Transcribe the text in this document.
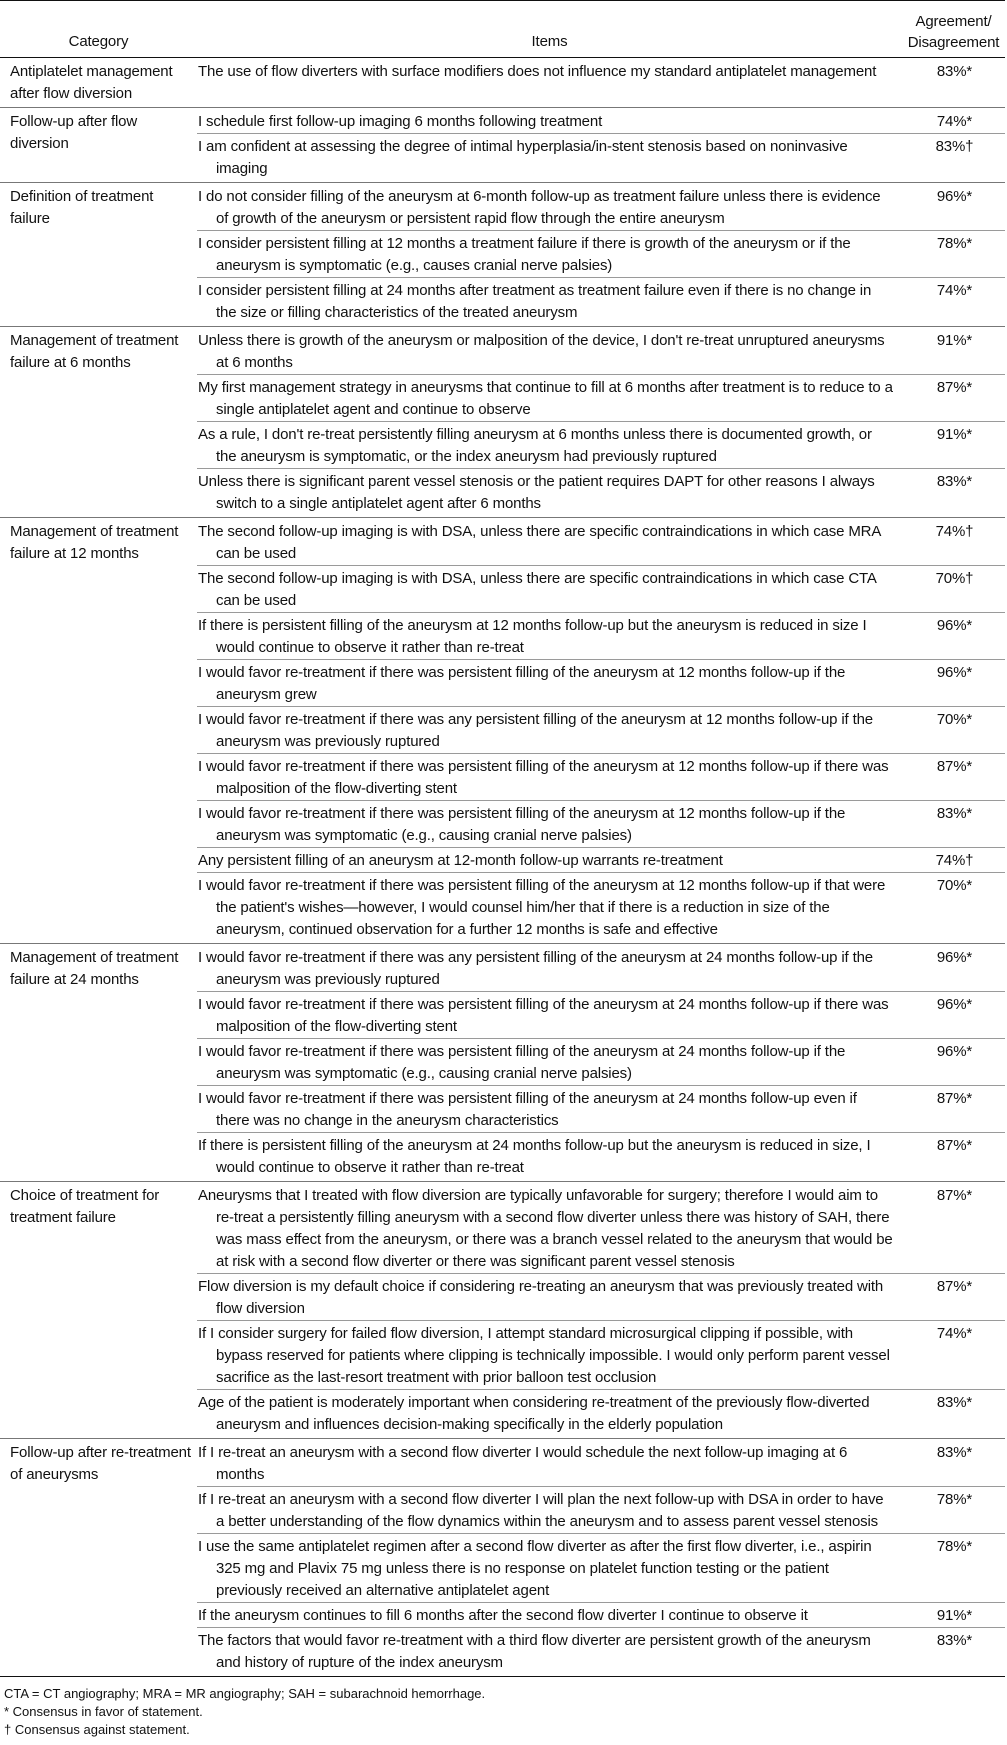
Category	Items	Agreement/
Disagreement
Antiplatelet management after flow diversion	The use of flow diverters with surface modifiers does not influence my standard antiplatelet management	83%*
Follow-up after flow diversion	I schedule first follow-up imaging 6 months following treatment	74%*

	I am confident at assessing the degree of intimal hyperplasia/in-stent stenosis based on noninvasive imaging	83%†
Definition of treatment failure	I do not consider filling of the aneurysm at 6-month follow-up as treatment failure unless there is evidence of growth of the aneurysm or persistent rapid flow through the entire aneurysm	96%*

	I consider persistent filling at 12 months a treatment failure if there is growth of the aneurysm or if the aneurysm is symptomatic (e.g., causes cranial nerve palsies)	78%*

	I consider persistent filling at 24 months after treatment as treatment failure even if there is no change in the size or filling characteristics of the treated aneurysm	74%*
Management of treatment failure at 6 months	Unless there is growth of the aneurysm or malposition of the device, I don't re-treat unruptured aneurysms at 6 months	91%*

	My first management strategy in aneurysms that continue to fill at 6 months after treatment is to reduce to a single antiplatelet agent and continue to observe	87%*

	As a rule, I don't re-treat persistently filling aneurysm at 6 months unless there is documented growth, or the aneurysm is symptomatic, or the index aneurysm had previously ruptured	91%*

	Unless there is significant parent vessel stenosis or the patient requires DAPT for other reasons I always switch to a single antiplatelet agent after 6 months	83%*
Management of treatment failure at 12 months	The second follow-up imaging is with DSA, unless there are specific contraindications in which case MRA can be used	74%†

	The second follow-up imaging is with DSA, unless there are specific contraindications in which case CTA can be used	70%†

	If there is persistent filling of the aneurysm at 12 months follow-up but the aneurysm is reduced in size I would continue to observe it rather than re-treat	96%*

	I would favor re-treatment if there was persistent filling of the aneurysm at 12 months follow-up if the aneurysm grew	96%*

	I would favor re-treatment if there was any persistent filling of the aneurysm at 12 months follow-up if the aneurysm was previously ruptured	70%*

	I would favor re-treatment if there was persistent filling of the aneurysm at 12 months follow-up if there was malposition of the flow-diverting stent	87%*

	I would favor re-treatment if there was persistent filling of the aneurysm at 12 months follow-up if the aneurysm was symptomatic (e.g., causing cranial nerve palsies)	83%*

	Any persistent filling of an aneurysm at 12-month follow-up warrants re-treatment	74%†

	I would favor re-treatment if there was persistent filling of the aneurysm at 12 months follow-up if that were the patient's wishes—however, I would counsel him/her that if there is a reduction in size of the aneurysm, continued observation for a further 12 months is safe and effective	70%*
Management of treatment failure at 24 months	I would favor re-treatment if there was any persistent filling of the aneurysm at 24 months follow-up if the aneurysm was previously ruptured	96%*

	I would favor re-treatment if there was persistent filling of the aneurysm at 24 months follow-up if there was malposition of the flow-diverting stent	96%*

	I would favor re-treatment if there was persistent filling of the aneurysm at 24 months follow-up if the aneurysm was symptomatic (e.g., causing cranial nerve palsies)	96%*

	I would favor re-treatment if there was persistent filling of the aneurysm at 24 months follow-up even if there was no change in the aneurysm characteristics	87%*

	If there is persistent filling of the aneurysm at 24 months follow-up but the aneurysm is reduced in size, I would continue to observe it rather than re-treat	87%*
Choice of treatment for treatment failure	Aneurysms that I treated with flow diversion are typically unfavorable for surgery; therefore I would aim to re-treat a persistently filling aneurysm with a second flow diverter unless there was history of SAH, there was mass effect from the aneurysm, or there was a branch vessel related to the aneurysm that would be at risk with a second flow diverter or there was significant parent vessel stenosis	87%*

	Flow diversion is my default choice if considering re-treating an aneurysm that was previously treated with flow diversion	87%*

	If I consider surgery for failed flow diversion, I attempt standard microsurgical clipping if possible, with bypass reserved for patients where clipping is technically impossible. I would only perform parent vessel sacrifice as the last-resort treatment with prior balloon test occlusion	74%*

	Age of the patient is moderately important when considering re-treatment of the previously flow-diverted aneurysm and influences decision-making specifically in the elderly population	83%*
Follow-up after re-treatment of aneurysms	If I re-treat an aneurysm with a second flow diverter I would schedule the next follow-up imaging at 6 months	83%*

	If I re-treat an aneurysm with a second flow diverter I will plan the next follow-up with DSA in order to have a better understanding of the flow dynamics within the aneurysm and to assess parent vessel stenosis	78%*

	I use the same antiplatelet regimen after a second flow diverter as after the first flow diverter, i.e., aspirin 325 mg and Plavix 75 mg unless there is no response on platelet function testing or the patient previously received an alternative antiplatelet agent	78%*

	If the aneurysm continues to fill 6 months after the second flow diverter I continue to observe it	91%*

	The factors that would favor re-treatment with a third flow diverter are persistent growth of the aneurysm and history of rupture of the index aneurysm	83%*
CTA = CT angiography; MRA = MR angiography; SAH = subarachnoid hemorrhage.
* Consensus in favor of statement.
† Consensus against statement.
